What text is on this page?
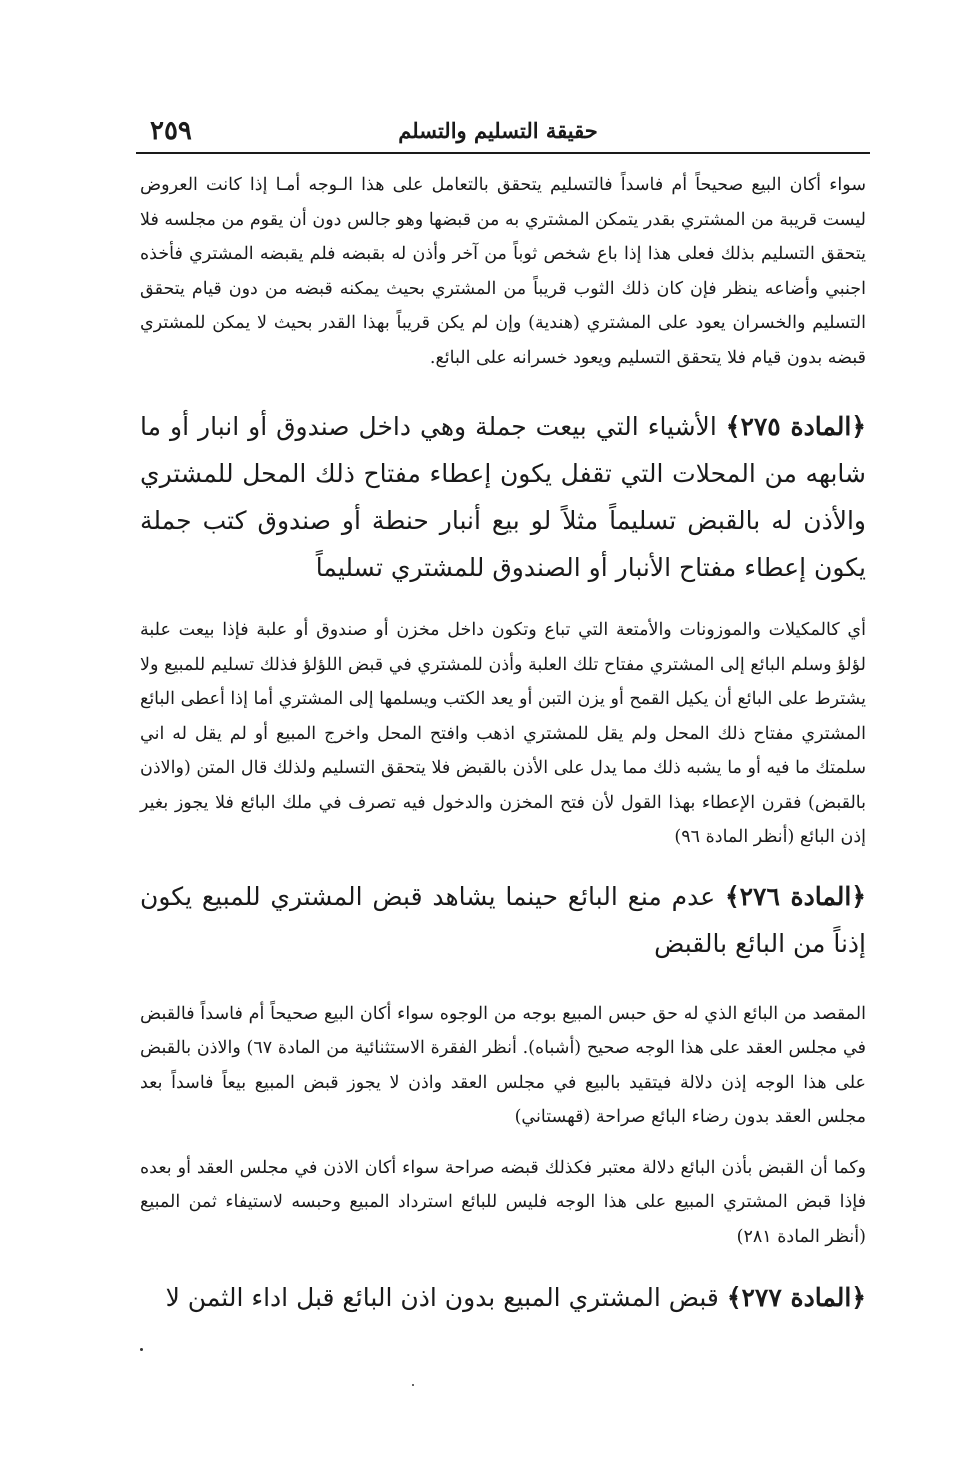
٢٥٩	حقيقة التسليم والتسلم

سواء أكان البيع صحيحاً أم فاسداً فالتسليم يتحقق بالتعامل على هذا الـوجه أمـا إذا كانت العروض ليست قريبة من المشتري بقدر يتمكن المشتري به من قبضها وهو جالس دون أن يقوم من مجلسه فلا يتحقق التسليم بذلك فعلى هذا إذا باع شخص ثوباً من آخر وأذن له بقبضه فلم يقبضه المشتري فأخذه اجنبي وأضاعه ينظر فإن كان ذلك الثوب قريباً من المشتري بحيث يمكنه قبضه من دون قيام يتحقق التسليم والخسران يعود على المشتري (هندية) وإن لم يكن قريباً بهذا القدر بحيث لا يمكن للمشتري قبضه بدون قيام فلا يتحقق التسليم ويعود خسرانه على البائع.

﴿المادة ٢٧٥﴾ الأشياء التي بيعت جملة وهي داخل صندوق أو انبار أو ما شابهه من المحلات التي تقفل يكون إعطاء مفتاح ذلك المحل للمشتري والأذن له بالقبض تسليماً مثلاً لو بيع أنبار حنطة أو صندوق كتب جملة يكون إعطاء مفتاح الأنبار أو الصندوق للمشتري تسليماً

أي كالمكيلات والموزونات والأمتعة التي تباع وتكون داخل مخزن أو صندوق أو علبة فإذا بيعت علبة لؤلؤ وسلم البائع إلى المشتري مفتاح تلك العلبة وأذن للمشتري في قبض اللؤلؤ فذلك تسليم للمبيع ولا يشترط على البائع أن يكيل القمح أو يزن التبن أو يعد الكتب ويسلمها إلى المشتري أما إذا أعطى البائع المشتري مفتاح ذلك المحل ولم يقل للمشتري اذهب وافتح المحل واخرج المبيع أو لم يقل له اني سلمتك ما فيه أو ما يشبه ذلك مما يدل على الأذن بالقبض فلا يتحقق التسليم ولذلك قال المتن (والاذن بالقبض) فقرن الإعطاء بهذا القول لأن فتح المخزن والدخول فيه تصرف في ملك البائع فلا يجوز بغير إذن البائع (أنظر المادة ٩٦)

﴿المادة ٢٧٦﴾ عدم منع البائع حينما يشاهد قبض المشتري للمبيع يكون إذناً من البائع بالقبض

المقصد من البائع الذي له حق حبس المبيع بوجه من الوجوه سواء أكان البيع صحيحاً أم فاسداً فالقبض في مجلس العقد على هذا الوجه صحيح (أشباه). أنظر الفقرة الاستثنائية من المادة ٦٧) والاذن بالقبض على هذا الوجه إذن دلالة فيتقيد بالبيع في مجلس العقد واذن لا يجوز قبض المبيع بيعاً فاسداً بعد مجلس العقد بدون رضاء البائع صراحة (قهستاني)

وكما أن القبض بأذن البائع دلالة معتبر فكذلك قبضه صراحة سواء أكان الاذن في مجلس العقد أو بعده فإذا قبض المشتري المبيع على هذا الوجه فليس للبائع استرداد المبيع وحبسه لاستيفاء ثمن المبيع (أنظر المادة ٢٨١)

﴿المادة ٢٧٧﴾ قبض المشتري المبيع بدون اذن البائع قبل اداء الثمن لا
